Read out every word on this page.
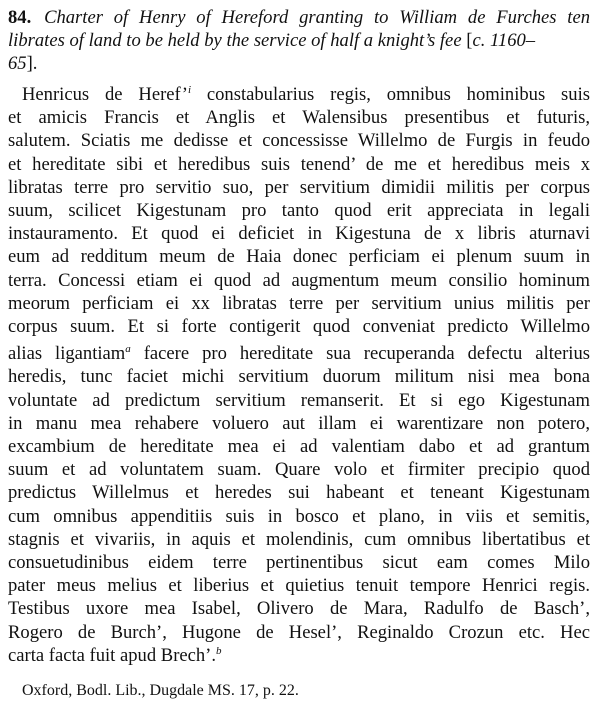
84. Charter of Henry of Hereford granting to William de Furches ten
librates of land to be held by the service of half a knight’s fee [c. 1160–
65].

Henricus de Heref’$^i$ constabularius regis, omnibus hominibus suis
et amicis Francis et Anglis et Walensibus presentibus et futuris,
salutem. Sciatis me dedisse et concessisse Willelmo de Furgis in feudo
et hereditate sibi et heredibus suis tenend’ de me et heredibus meis x
libratas terre pro servitio suo, per servitium dimidii militis per corpus
suum, scilicet Kigestunam pro tanto quod erit appreciata in legali
instauramento. Et quod ei deficiet in Kigestuna de x libris aturnavi
eum ad redditum meum de Haia donec perficiam ei plenum suum in
terra. Concessi etiam ei quod ad augmentum meum consilio hominum
meorum perficiam ei xx libratas terre per servitium unius militis per
corpus suum. Et si forte contigerit quod conveniat predicto Willelmo
alias ligantiam$^a$ facere pro hereditate sua recuperanda defectu alterius
heredis, tunc faciet michi servitium duorum militum nisi mea bona
voluntate ad predictum servitium remanserit. Et si ego Kigestunam
in manu mea rehabere voluero aut illam ei warentizare non potero,
excambium de hereditate mea ei ad valentiam dabo et ad grantum
suum et ad voluntatem suam. Quare volo et firmiter precipio quod
predictus Willelmus et heredes sui habeant et teneant Kigestunam
cum omnibus appenditiis suis in bosco et plano, in viis et semitis,
stagnis et vivariis, in aquis et molendinis, cum omnibus libertatibus et
consuetudinibus eidem terre pertinentibus sicut eam comes Milo
pater meus melius et liberius et quietius tenuit tempore Henrici regis.
Testibus uxore mea Isabel, Olivero de Mara, Radulfo de Basch’,
Rogero de Burch’, Hugone de Hesel’, Reginaldo Crozun etc. Hec
carta facta fuit apud Brech’.$^b$

Oxford, Bodl. Lib., Dugdale MS. 17, p. 22.
